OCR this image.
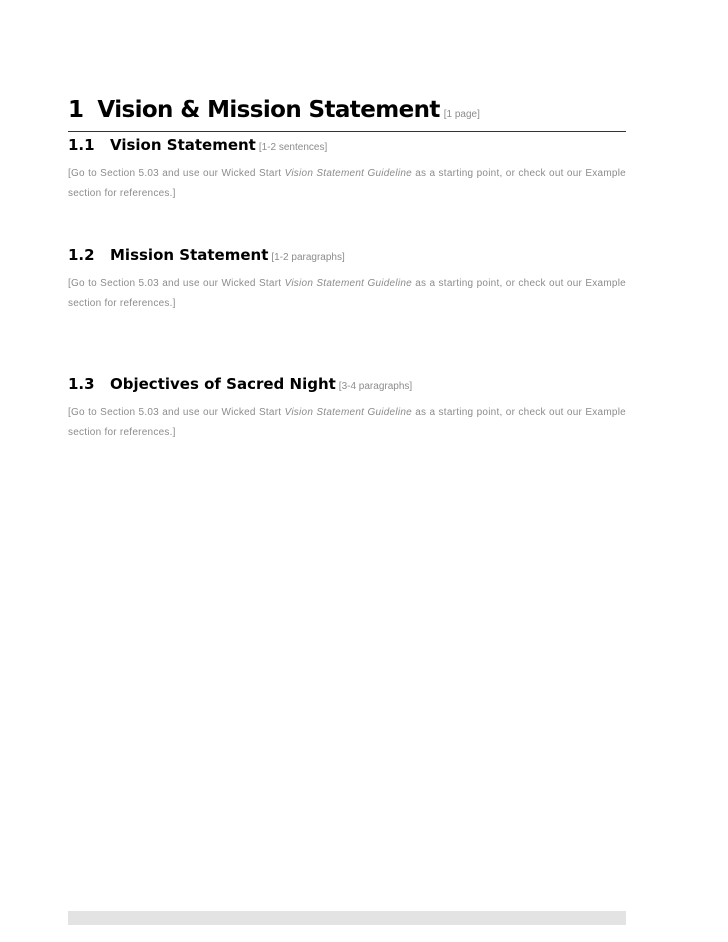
1 Vision & Mission Statement [1 page]
1.1 Vision Statement [1-2 sentences]
[Go to Section 5.03 and use our Wicked Start Vision Statement Guideline as a starting point, or check out our Example section for references.]
1.2 Mission Statement [1-2 paragraphs]
[Go to Section 5.03 and use our Wicked Start Vision Statement Guideline as a starting point, or check out our Example section for references.]
1.3 Objectives of Sacred Night [3-4 paragraphs]
[Go to Section 5.03 and use our Wicked Start Vision Statement Guideline as a starting point, or check out our Example section for references.]
